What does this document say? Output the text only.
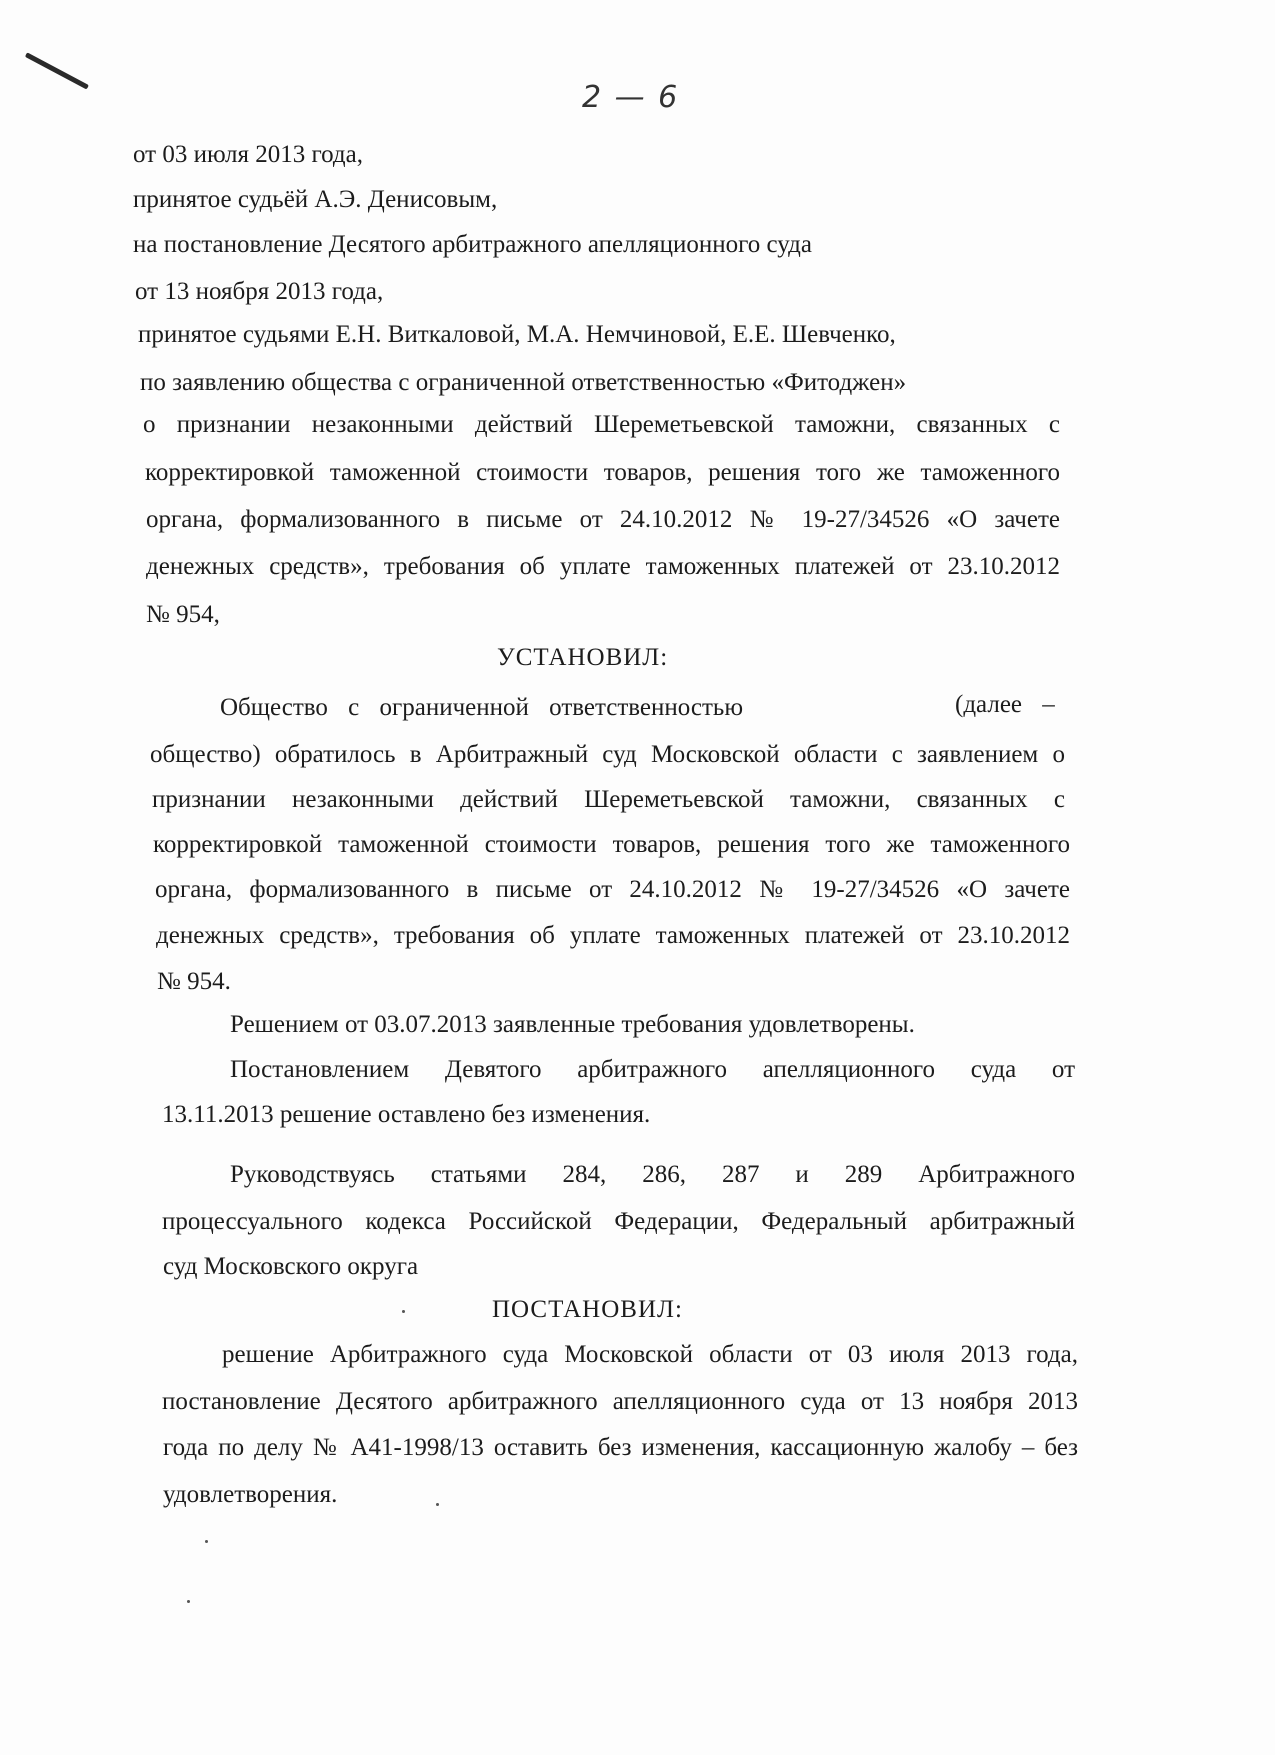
2 — 6
от 03 июля 2013 года,
принятое судьёй А.Э. Денисовым,
на постановление Десятого арбитражного апелляционного суда
от 13 ноября 2013 года,
принятое судьями Е.Н. Виткаловой, М.А. Немчиновой, Е.Е. Шевченко,
по заявлению общества с ограниченной ответственностью «Фитоджен»
о признании незаконными действий Шереметьевской таможни, связанных с
корректировкой таможенной стоимости товаров, решения того же таможенного
органа, формализованного в письме от 24.10.2012 № 19-27/34526 «О зачете
денежных средств», требования об уплате таможенных платежей от 23.10.2012
№ 954,
УСТАНОВИЛ:
Общество с ограниченной ответственностью	(далее –
общество) обратилось в Арбитражный суд Московской области с заявлением о
признании незаконными действий Шереметьевской таможни, связанных с
корректировкой таможенной стоимости товаров, решения того же таможенного
органа, формализованного в письме от 24.10.2012 № 19-27/34526 «О зачете
денежных средств», требования об уплате таможенных платежей от 23.10.2012
№ 954.
Решением от 03.07.2013 заявленные требования удовлетворены.
Постановлением Девятого арбитражного апелляционного суда от
13.11.2013 решение оставлено без изменения.
Руководствуясь статьями 284, 286, 287 и 289 Арбитражного
процессуального кодекса Российской Федерации, Федеральный арбитражный
суд Московского округа
ПОСТАНОВИЛ:
решение Арбитражного суда Московской области от 03 июля 2013 года,
постановление Десятого арбитражного апелляционного суда от 13 ноября 2013
года по делу № А41-1998/13 оставить без изменения, кассационную жалобу – без
удовлетворения.
